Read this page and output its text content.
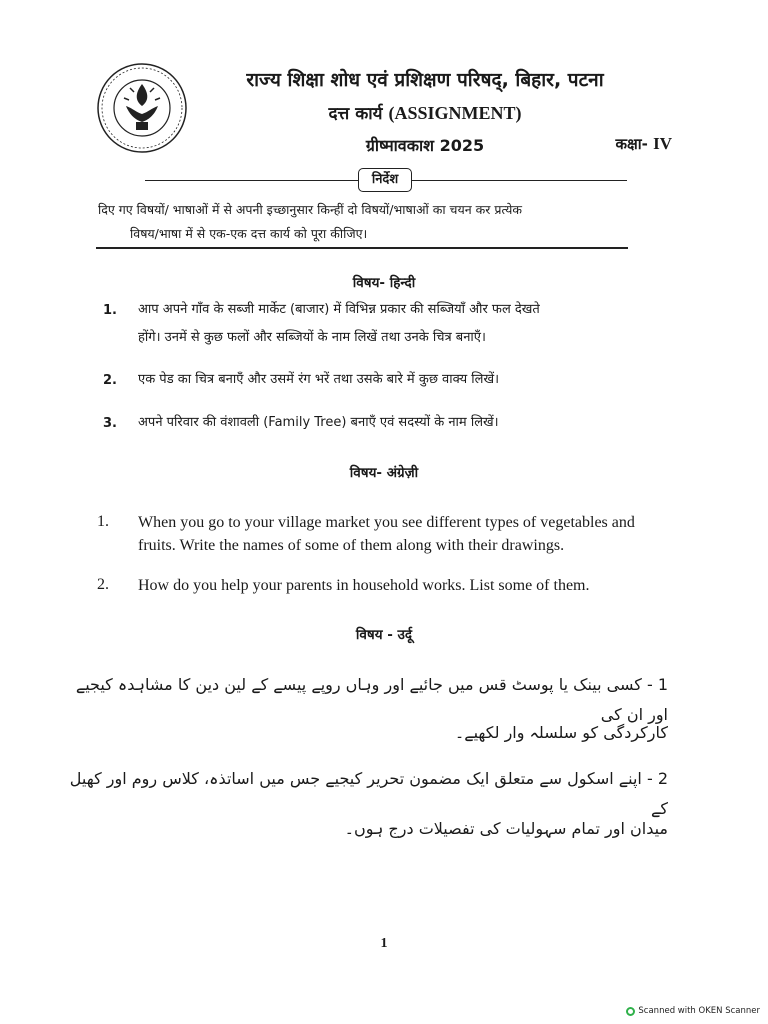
राज्य शिक्षा शोध एवं प्रशिक्षण परिषद्, बिहार, पटना
दत्त कार्य (ASSIGNMENT)
ग्रीष्मावकाश 2025	कक्षा- IV
निर्देश
दिए गए विषयों/ भाषाओं में से अपनी इच्छानुसार किन्हीं दो विषयों/भाषाओं का चयन कर प्रत्येक
विषय/भाषा में से एक-एक दत्त कार्य को पूरा कीजिए।
विषय- हिन्दी
1. आप अपने गाँव के सब्जी मार्केट (बाजार) में विभिन्न प्रकार की सब्जियाँ और फल देखते
होंगे। उनमें से कुछ फलों और सब्जियों के नाम लिखें तथा उनके चित्र बनाएँ।
2. एक पेड का चित्र बनाएँ और उसमें रंग भरें तथा उसके बारे में कुछ वाक्य लिखें।
3. अपने परिवार की वंशावली (Family Tree) बनाएँ एवं सदस्यों के नाम लिखें।
विषय- अंग्रेज़ी
1. When you go to your village market you see different types of vegetables and
fruits. Write the names of some of them along with their drawings.
2. How do you help your parents in household works. List some of them.
विषय - उर्दू
1 - کسی بینک یا پوسٹ قس میں جائیے اور وہاں روپے پیسے کے لین دین کا مشاہدہ کیجیے اور ان کی
کارکردگی کو سلسلہ وار لکھیے۔
2 - اپنے اسکول سے متعلق ایک مضمون تحریر کیجیے جس میں اساتذہ، کلاس روم اور کھیل کے
میدان اور تمام سہولیات کی تفصیلات درج ہوں۔
1
Scanned with OKEN Scanner
